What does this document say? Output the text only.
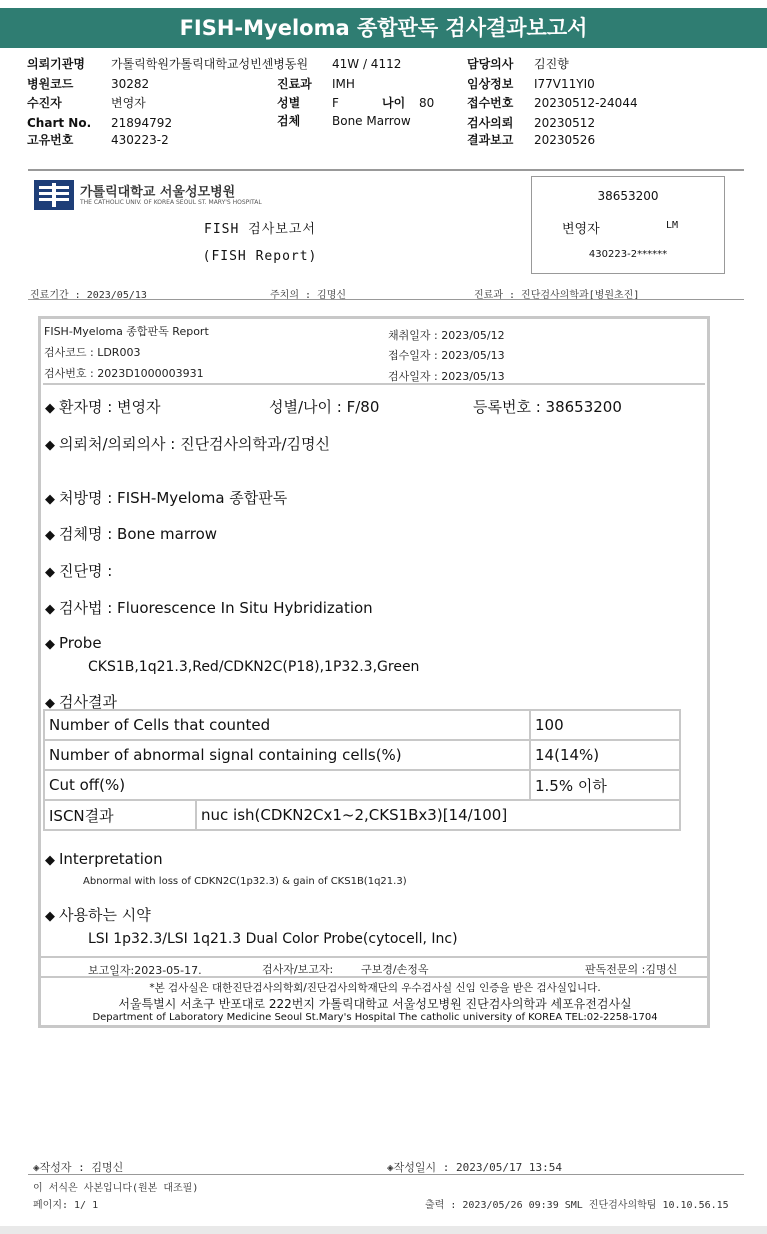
FISH-Myeloma 종합판독 검사결과보고서
의뢰기관명 가톨릭학원가톨릭대학교성빈센병동원 41W / 4112	담당의사 김진향
병원코드	30282	진료과 IMH	임상정보 I77V11YI0
수진자	변영자	성별	F	나이 80	접수번호 20230512-24044
Chart No. 21894792	검체	Bone Marrow	검사의뢰 20230512
고유번호	430223-2	결과보고 20230526
가톨릭대학교 서울성모병원
THE CATHOLIC UNIV. OF KOREA SEOUL ST. MARY'S HOSPITAL
FISH 검사보고서
(FISH Report)
38653200
변영자	LM
430223-2******
진료기간 : 2023/05/13	주치의 : 김명신	진료과 : 진단검사의학과[병원초진]
FISH-Myeloma 종합판독 Report
검사코드 : LDR003
검사번호 : 2023D1000003931
채취일자 : 2023/05/12
접수일자 : 2023/05/13
검사일자 : 2023/05/13
◆ 환자명 : 변영자	성별/나이 : F/80	등록번호 : 38653200
◆ 의뢰처/의뢰의사 : 진단검사의학과/김명신
◆ 처방명 : FISH-Myeloma 종합판독
◆ 검체명 : Bone marrow
◆ 진단명 :
◆ 검사법 : Fluorescence In Situ Hybridization
◆ Probe
CKS1B,1q21.3,Red/CDKN2C(P18),1P32.3,Green
◆ 검사결과
Number of Cells that counted		100
Number of abnormal signal containing cells(%)		14(14%)
Cut off(%)		1.5% 이하
ISCN결과	nuc ish(CDKN2Cx1~2,CKS1Bx3)[14/100]	
◆ Interpretation
Abnormal with loss of CDKN2C(1p32.3) & gain of CKS1B(1q21.3)
◆ 사용하는 시약
LSI 1p32.3/LSI 1q21.3 Dual Color Probe(cytocell, Inc)
보고일자:2023-05-17.	검사자/보고자:	구보경/손정옥	판독전문의 :김명신
*본 검사실은 대한진단검사의학회/진단검사의학재단의 우수검사실 신임 인증을 받은 검사실입니다.
서울특별시 서초구 반포대로 222번지 가톨릭대학교 서울성모병원 진단검사의학과 세포유전검사실
Department of Laboratory Medicine Seoul St.Mary's Hospital The catholic university of KOREA TEL:02-2258-1704
◈작성자 : 김명신	◈작성일시 : 2023/05/17 13:54
이 서식은 사본입니다(원본 대조필)
페이지: 1/ 1	출력 : 2023/05/26 09:39 SML 진단검사의학팀 10.10.56.15
